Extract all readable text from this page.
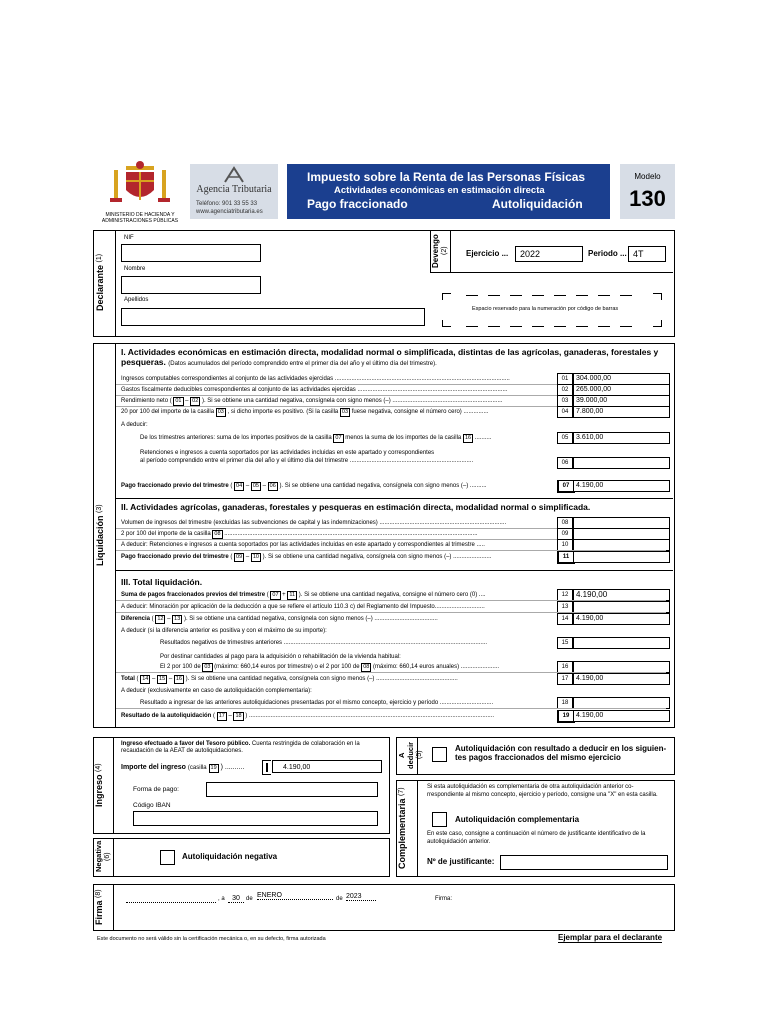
MINISTERIO DE HACIENDA Y ADMINISTRACIONES PÚBLICAS
Agencia Tributaria
Teléfono: 901 33 55 33
www.agenciatributaria.es
Impuesto sobre la Renta de las Personas Físicas
Actividades económicas en estimación directa
Pago fraccionado	Autoliquidación
Modelo
130
Declarante (1)
NIF
Nombre
Apellidos
Devengo (2) Ejercicio ...	2022	Periodo ... 4T
Espacio reservado para la numeración por código de barras
Liquidación (3)
I. Actividades económicas en estimación directa, modalidad normal o simplificada, distintas de las agrícolas, ganaderas, forestales y pesqueras. (Datos acumulados del período comprendido entre el primer día del año y el último día del trimestre).
Ingresos computables correspondientes al conjunto de las actividades ejercidas .........................................................................................................	01	304.000,00
Gastos fiscalmente deducibles correspondientes al conjunto de las actividades ejercidas ..........................................................................................	02	265.000,00
Rendimiento neto ( 01 – 02 ). Si se obtiene una cantidad negativa, consígnela con signo menos (–) ..................................................................	03	39.000,00
20 por 100 del importe de la casilla 03 , si dicho importe es positivo. (Si la casilla 03 fuese negativa, consigne el número cero) ...............	04	7.800,00
A deducir:
De los trimestres anteriores: suma de los importes positivos de la casilla 07 menos la suma de los importes de la casilla 16 ..........	05	3.610,00
Retenciones e ingresos a cuenta soportados por las actividades incluidas en este apartado y correspondientes
al período comprendido entre el primer día del año y el último día del trimestre ..........................................................................	06
Pago fraccionado previo del trimestre ( 04 – 05 – 06 ). Si se obtiene una cantidad negativa, consígnela con signo menos (–) ..........	07 4.190,00
II. Actividades agrícolas, ganaderas, forestales y pesqueras en estimación directa, modalidad normal o simplificada.
Volumen de ingresos del trimestre (excluidas las subvenciones de capital y las indemnizaciones) ............................................................................	08
2 por 100 del importe de la casilla 08 ........................................................................................................................................................	09
A deducir: Retenciones e ingresos a cuenta soportados por las actividades incluidas en este apartado y correspondientes al trimestre .....	10
Pago fraccionado previo del trimestre ( 09 – 10 ). Si se obtiene una cantidad negativa, consígnela con signo menos (–) .......................	11
III. Total liquidación.
Suma de pagos fraccionados previos del trimestre ( 07 + 11 ). Si se obtiene una cantidad negativa, consigne el número cero (0) ....	12 4.190,00
A deducir: Minoración por aplicación de la deducción a que se refiere el artículo 110.3 c) del Reglamento del Impuesto..............................	13
Diferencia ( 12 – 13 ). Si se obtiene una cantidad negativa, consígnela con signo menos (–) ......................................	14	4.190,00
A deducir (si la diferencia anterior es positiva y con el máximo de su importe):
Resultados negativos de trimestres anteriores ..........................................................................................................................	15
Por destinar cantidades al pago para la adquisición o rehabilitación de la vivienda habitual:
El 2 por 100 de 03 (máximo: 660,14 euros por trimestre) o el 2 por 100 de 08 (máximo: 660,14 euros anuales) .......................	16
Total ( 14 – 15 – 16 ). Si se obtiene una cantidad negativa, consígnela con signo menos (–) .................................................	17	4.190,00
A deducir (exclusivamente en caso de autoliquidación complementaria):
Resultado a ingresar de las anteriores autoliquidaciones presentadas por el mismo concepto, ejercicio y período ................................	18
Resultado de la autoliquidación ( 17 – 18 ) ...................................................................................................................................................	19 4.190,00
Ingreso (4)
Ingreso efectuado a favor del Tesoro público. Cuenta restringida de colaboración en la recaudación de la AEAT de autoliquidaciones.
Importe del ingreso (casilla 19 ) ..........	4.190,00
Forma de pago:
Código IBAN
A deducir (5)
Autoliquidación con resultado a deducir en los siguien- tes pagos fraccionados del mismo ejercicio
Complementaria (7)
Si esta autoliquidación es complementaria de otra autoliquidación anterior co- rrespondiente al mismo concepto, ejercicio y período, consigne una "X" en esta casilla.
Autoliquidación complementaria
En este caso, consigne a continuación el número de justificante identificativo de la autoliquidación anterior.
Nº de justificante:
Negativa (6)	Autoliquidación negativa
Firma (8)
, a	30	de ENERO	de 2023	Firma:
Este documento no será válido sin la certificación mecánica o, en su defecto, firma autorizada	Ejemplar para el declarante
